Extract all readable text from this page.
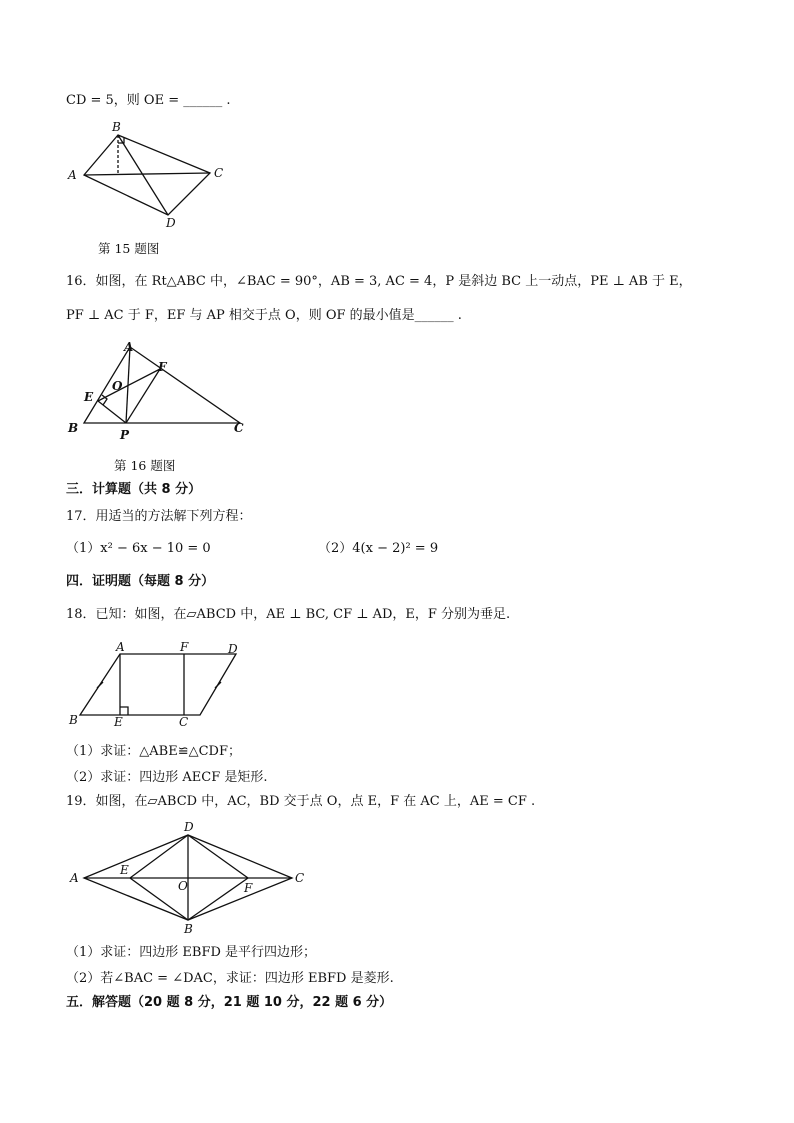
CD = 5，则 OE = ______ .
B
A	C
D
第 15 题图
16．如图，在 Rt△ABC 中，∠BAC = 90°，AB = 3, AC = 4，P 是斜边 BC 上一动点，PE ⊥ AB 于 E，
PF ⊥ AC 于 F，EF 与 AP 相交于点 O，则 OF 的最小值是______ .
A
B	C
E
F
O
P
第 16 题图
三．计算题（共 8 分）
17．用适当的方法解下列方程：
（1）x² − 6x − 10 = 0	（2）4(x − 2)² = 9
四．证明题（每题 8 分）
18．已知：如图，在▱ABCD 中，AE ⊥ BC, CF ⊥ AD，E，F 分别为垂足.
A	F	D
B	E	C
（1）求证：△ABE≌△CDF；
（2）求证：四边形 AECF 是矩形.
19．如图，在▱ABCD 中，AC，BD 交于点 O，点 E，F 在 AC 上，AE = CF .
A
D
C
B
E
O	F
（1）求证：四边形 EBFD 是平行四边形；
（2）若∠BAC = ∠DAC，求证：四边形 EBFD 是菱形.
五．解答题（20 题 8 分，21 题 10 分，22 题 6 分）
